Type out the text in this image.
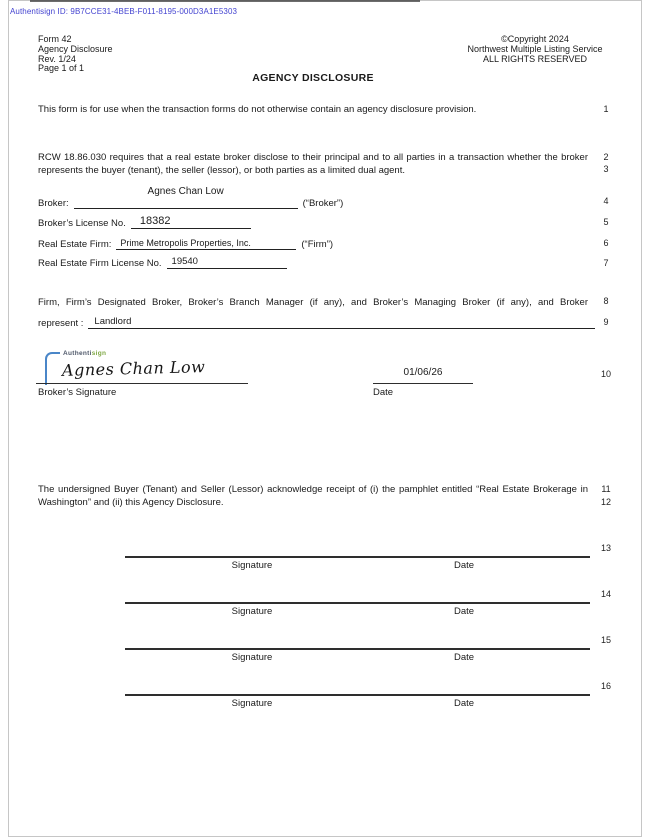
Authentisign ID: 9B7CCE31-4BEB-F011-8195-000D3A1E5303
Form 42
Agency Disclosure
Rev. 1/24
Page 1 of 1
©Copyright 2024
Northwest Multiple Listing Service
ALL RIGHTS RESERVED
AGENCY DISCLOSURE
1
2
3
4
5
6
7
8
9
10
11
12
13
14
15
16
This form is for use when the transaction forms do not otherwise contain an agency disclosure provision.
RCW 18.86.030 requires that a real estate broker disclose to their principal and to all parties in a transaction whether the broker represents the buyer (tenant), the seller (lessor), or both parties as a limited dual agent.
Broker:
Agnes Chan Low
(“Broker”)
Broker’s License No. 18382
Real Estate Firm: Prime Metropolis Properties, Inc.	(“Firm”)
Real Estate Firm License No. 19540
Firm, Firm’s Designated Broker, Broker’s Branch Manager (if any), and Broker’s Managing Broker (if any), and Broker
represent : Landlord
Authentisign
Agnes Chan Low
Broker’s Signature
01/06/26
Date
The undersigned Buyer (Tenant) and Seller (Lessor) acknowledge receipt of (i) the pamphlet entitled “Real Estate Brokerage in Washington” and (ii) this Agency Disclosure.
Signature	Date
Signature	Date
Signature	Date
Signature	Date
